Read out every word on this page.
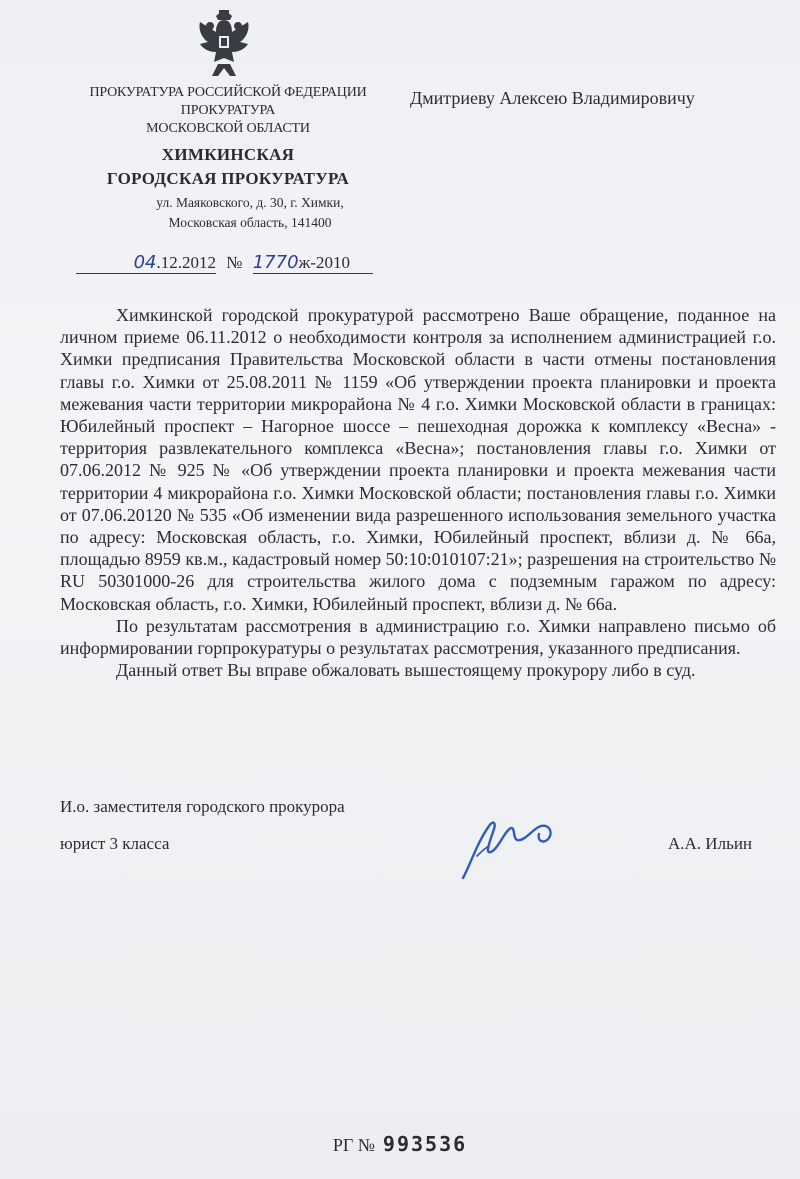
ПРОКУРАТУРА РОССИЙСКОЙ ФЕДЕРАЦИИ
ПРОКУРАТУРА
МОСКОВСКОЙ ОБЛАСТИ
ХИМКИНСКАЯ
ГОРОДСКАЯ ПРОКУРАТУРА
ул. Маяковского, д. 30, г. Химки,
Московская область, 141400
Дмитриеву Алексею Владимировичу
04.12.2012 № 1770ж-2010

Химкинской городской прокуратурой рассмотрено Ваше обращение, поданное на личном приеме 06.11.2012 о необходимости контроля за исполнением администрацией г.о. Химки предписания Правительства Московской области в части отмены постановления главы г.о. Химки от 25.08.2011 № 1159 «Об утверждении проекта планировки и проекта межевания части территории микрорайона № 4 г.о. Химки Московской области в границах: Юбилейный проспект – Нагорное шоссе – пешеходная дорожка к комплексу «Весна» - территория развлекательного комплекса «Весна»; постановления главы г.о. Химки от 07.06.2012 № 925 № «Об утверждении проекта планировки и проекта межевания части территории 4 микрорайона г.о. Химки Московской области; постановления главы г.о. Химки от 07.06.20120 № 535 «Об изменении вида разрешенного использования земельного участка по адресу: Московская область, г.о. Химки, Юбилейный проспект, вблизи д. № 66а, площадью 8959 кв.м., кадастровый номер 50:10:010107:21»; разрешения на строительство № RU 50301000-26 для строительства жилого дома с подземным гаражом по адресу: Московская область, г.о. Химки, Юбилейный проспект, вблизи д. № 66а.

По результатам рассмотрения в администрацию г.о. Химки направлено письмо об информировании горпрокуратуры о результатах рассмотрения, указанного предписания.

Данный ответ Вы вправе обжаловать вышестоящему прокурору либо в суд.

И.о. заместителя городского прокурора
юрист 3 класса	А.А. Ильин
РГ № 993536
